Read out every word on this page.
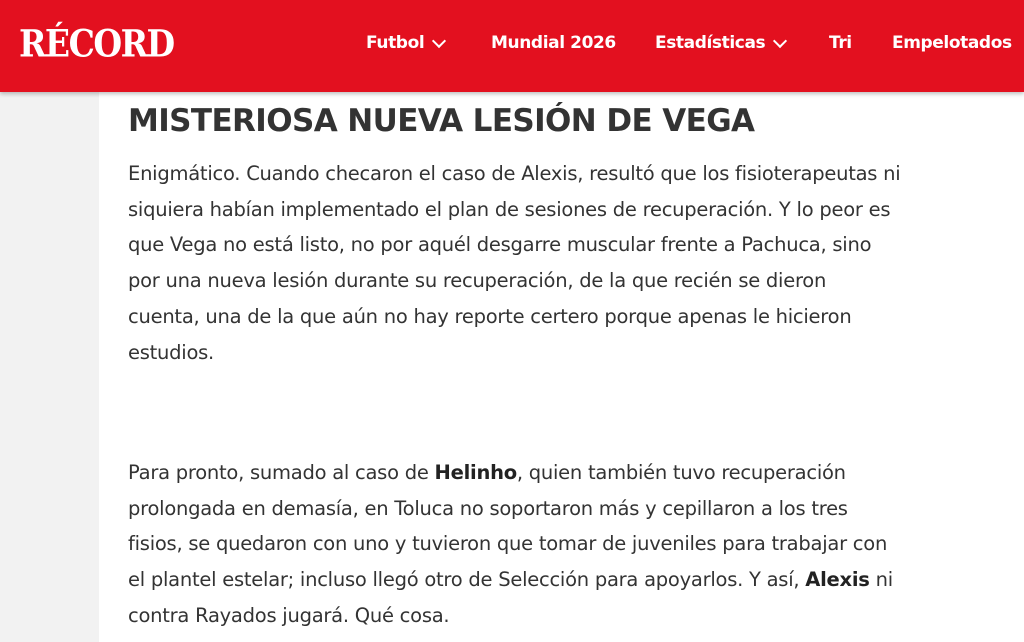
RÉCORD	Futbol	Mundial 2026 Estadísticas	Tri Empelotados
MISTERIOSA NUEVA LESIÓN DE VEGA

Enigmático. Cuando checaron el caso de Alexis, resultó que los fisioterapeutas ni
siquiera habían implementado el plan de sesiones de recuperación. Y lo peor es
que Vega no está listo, no por aquél desgarre muscular frente a Pachuca, sino
por una nueva lesión durante su recuperación, de la que recién se dieron
cuenta, una de la que aún no hay reporte certero porque apenas le hicieron
estudios.

Para pronto, sumado al caso de Helinho, quien también tuvo recuperación
prolongada en demasía, en Toluca no soportaron más y cepillaron a los tres
fisios, se quedaron con uno y tuvieron que tomar de juveniles para trabajar con
el plantel estelar; incluso llegó otro de Selección para apoyarlos. Y así, Alexis ni
contra Rayados jugará. Qué cosa.
